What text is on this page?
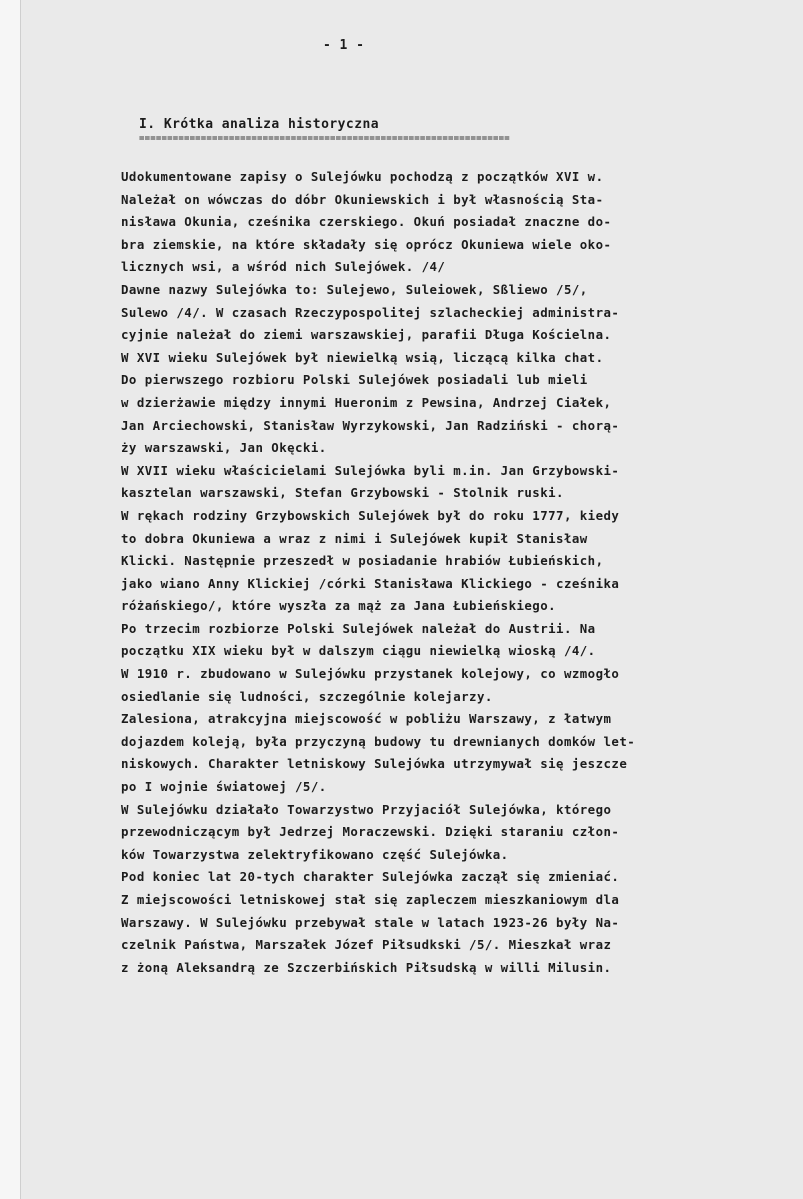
- 1 -
I. Krótka analiza historyczna
==================================================================
Udokumentowane zapisy o Sulejówku pochodzą z początków XVI w.
Należał on wówczas do dóbr Okuniewskich i był własnością Sta-
nisława Okunia, cześnika czerskiego. Okuń posiadał znaczne do-
bra ziemskie, na które składały się oprócz Okuniewa wiele oko-
licznych wsi, a wśród nich Sulejówek. /4/
Dawne nazwy Sulejówka to: Sulejewo, Suleiowek, Sßliewo /5/,
Sulewo /4/. W czasach Rzeczypospolitej szlacheckiej administra-
cyjnie należał do ziemi warszawskiej, parafii Długa Kościelna.
W XVI wieku Sulejówek był niewielką wsią, liczącą kilka chat.
Do pierwszego rozbioru Polski Sulejówek posiadali lub mieli
w dzierżawie między innymi Hueronim z Pewsina, Andrzej Ciałek,
Jan Arciechowski, Stanisław Wyrzykowski, Jan Radziński - chorą-
ży warszawski, Jan Okęcki.
W XVII wieku właścicielami Sulejówka byli m.in. Jan Grzybowski-
kasztelan warszawski, Stefan Grzybowski - Stolnik ruski.
W rękach rodziny Grzybowskich Sulejówek był do roku 1777, kiedy
to dobra Okuniewa a wraz z nimi i Sulejówek kupił Stanisław
Klicki. Następnie przeszedł w posiadanie hrabiów Łubieńskich,
jako wiano Anny Klickiej /córki Stanisława Klickiego - cześnika
różańskiego/, które wyszła za mąż za Jana Łubieńskiego.
Po trzecim rozbiorze Polski Sulejówek należał do Austrii. Na
początku XIX wieku był w dalszym ciągu niewielką wioską /4/.
W 1910 r. zbudowano w Sulejówku przystanek kolejowy, co wzmogło
osiedlanie się ludności, szczególnie kolejarzy.
Zalesiona, atrakcyjna miejscowość w pobliżu Warszawy, z łatwym
dojazdem koleją, była przyczyną budowy tu drewnianych domków let-
niskowych. Charakter letniskowy Sulejówka utrzymywał się jeszcze
po I wojnie światowej /5/.
W Sulejówku działało Towarzystwo Przyjaciół Sulejówka, którego
przewodniczącym był Jedrzej Moraczewski. Dzięki staraniu człon-
ków Towarzystwa zelektryfikowano część Sulejówka.
Pod koniec lat 20-tych charakter Sulejówka zaczął się zmieniać.
Z miejscowości letniskowej stał się zapleczem mieszkaniowym dla
Warszawy. W Sulejówku przebywał stale w latach 1923-26 były Na-
czelnik Państwa, Marszałek Józef Piłsudkski /5/. Mieszkał wraz
z żoną Aleksandrą ze Szczerbińskich Piłsudską w willi Milusin.
